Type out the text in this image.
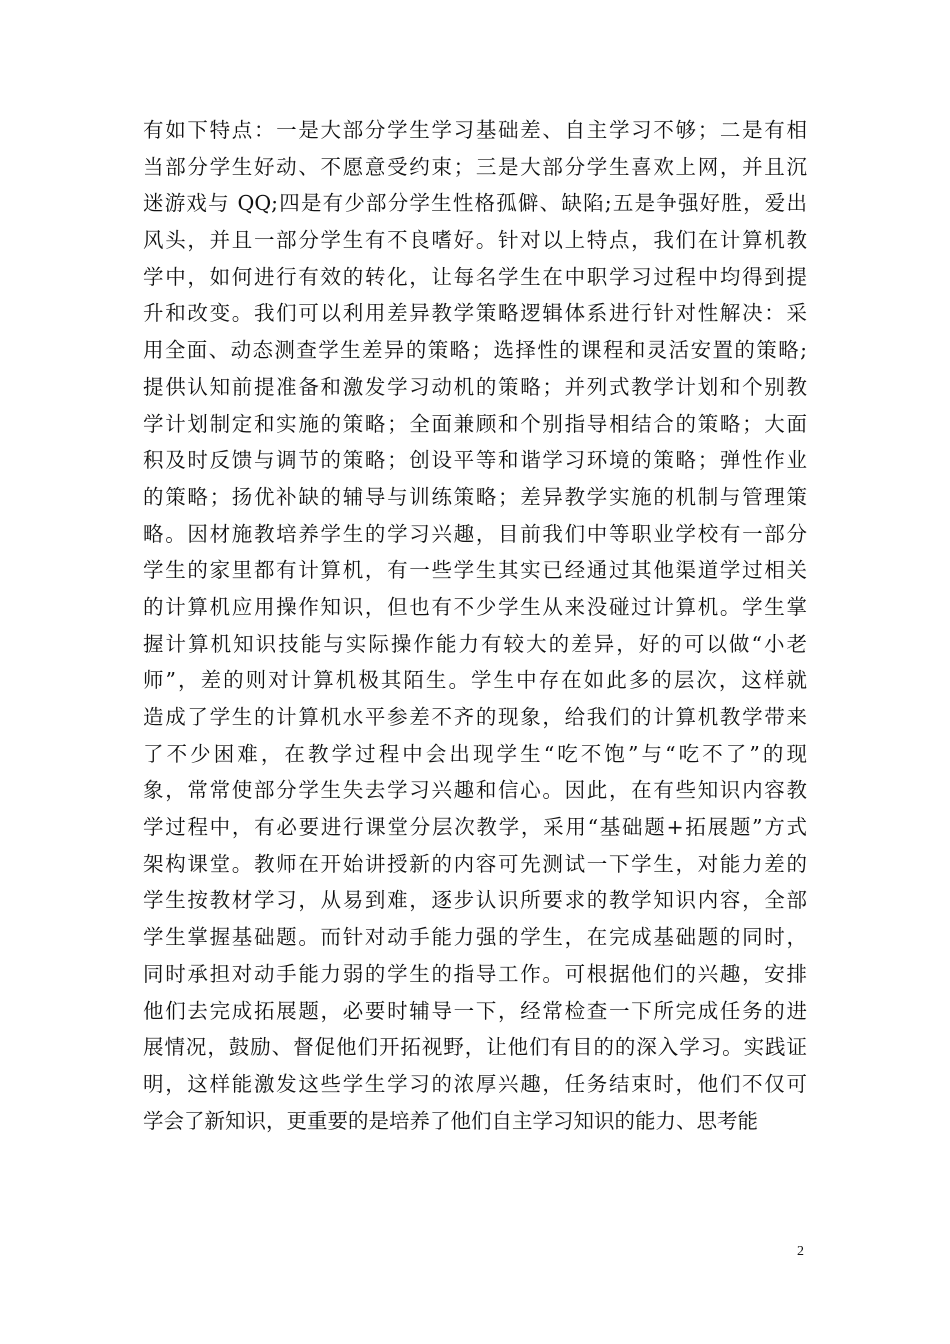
有如下特点：一是大部分学生学习基础差、自主学习不够；二是有相
当部分学生好动、不愿意受约束；三是大部分学生喜欢上网，并且沉
迷游戏与 QQ;四是有少部分学生性格孤僻、缺陷;五是争强好胜，爱出
风头，并且一部分学生有不良嗜好。针对以上特点，我们在计算机教
学中，如何进行有效的转化，让每名学生在中职学习过程中均得到提
升和改变。我们可以利用差异教学策略逻辑体系进行针对性解决：采
用全面、动态测查学生差异的策略；选择性的课程和灵活安置的策略;
提供认知前提准备和激发学习动机的策略；并列式教学计划和个别教
学计划制定和实施的策略；全面兼顾和个别指导相结合的策略；大面
积及时反馈与调节的策略；创设平等和谐学习环境的策略；弹性作业
的策略；扬优补缺的辅导与训练策略；差异教学实施的机制与管理策
略。因材施教培养学生的学习兴趣，目前我们中等职业学校有一部分
学生的家里都有计算机，有一些学生其实已经通过其他渠道学过相关
的计算机应用操作知识，但也有不少学生从来没碰过计算机。学生掌
握计算机知识技能与实际操作能力有较大的差异，好的可以做“小老
师”，差的则对计算机极其陌生。学生中存在如此多的层次，这样就
造成了学生的计算机水平参差不齐的现象，给我们的计算机教学带来
了不少困难，在教学过程中会出现学生“吃不饱”与“吃不了”的现
象，常常使部分学生失去学习兴趣和信心。因此，在有些知识内容教
学过程中，有必要进行课堂分层次教学，采用“基础题+拓展题”方式
架构课堂。教师在开始讲授新的内容可先测试一下学生，对能力差的
学生按教材学习，从易到难，逐步认识所要求的教学知识内容，全部
学生掌握基础题。而针对动手能力强的学生，在完成基础题的同时，
同时承担对动手能力弱的学生的指导工作。可根据他们的兴趣，安排
他们去完成拓展题，必要时辅导一下，经常检查一下所完成任务的进
展情况，鼓励、督促他们开拓视野，让他们有目的的深入学习。实践证
明，这样能激发这些学生学习的浓厚兴趣，任务结束时，他们不仅可
学会了新知识，更重要的是培养了他们自主学习知识的能力、思考能
2
